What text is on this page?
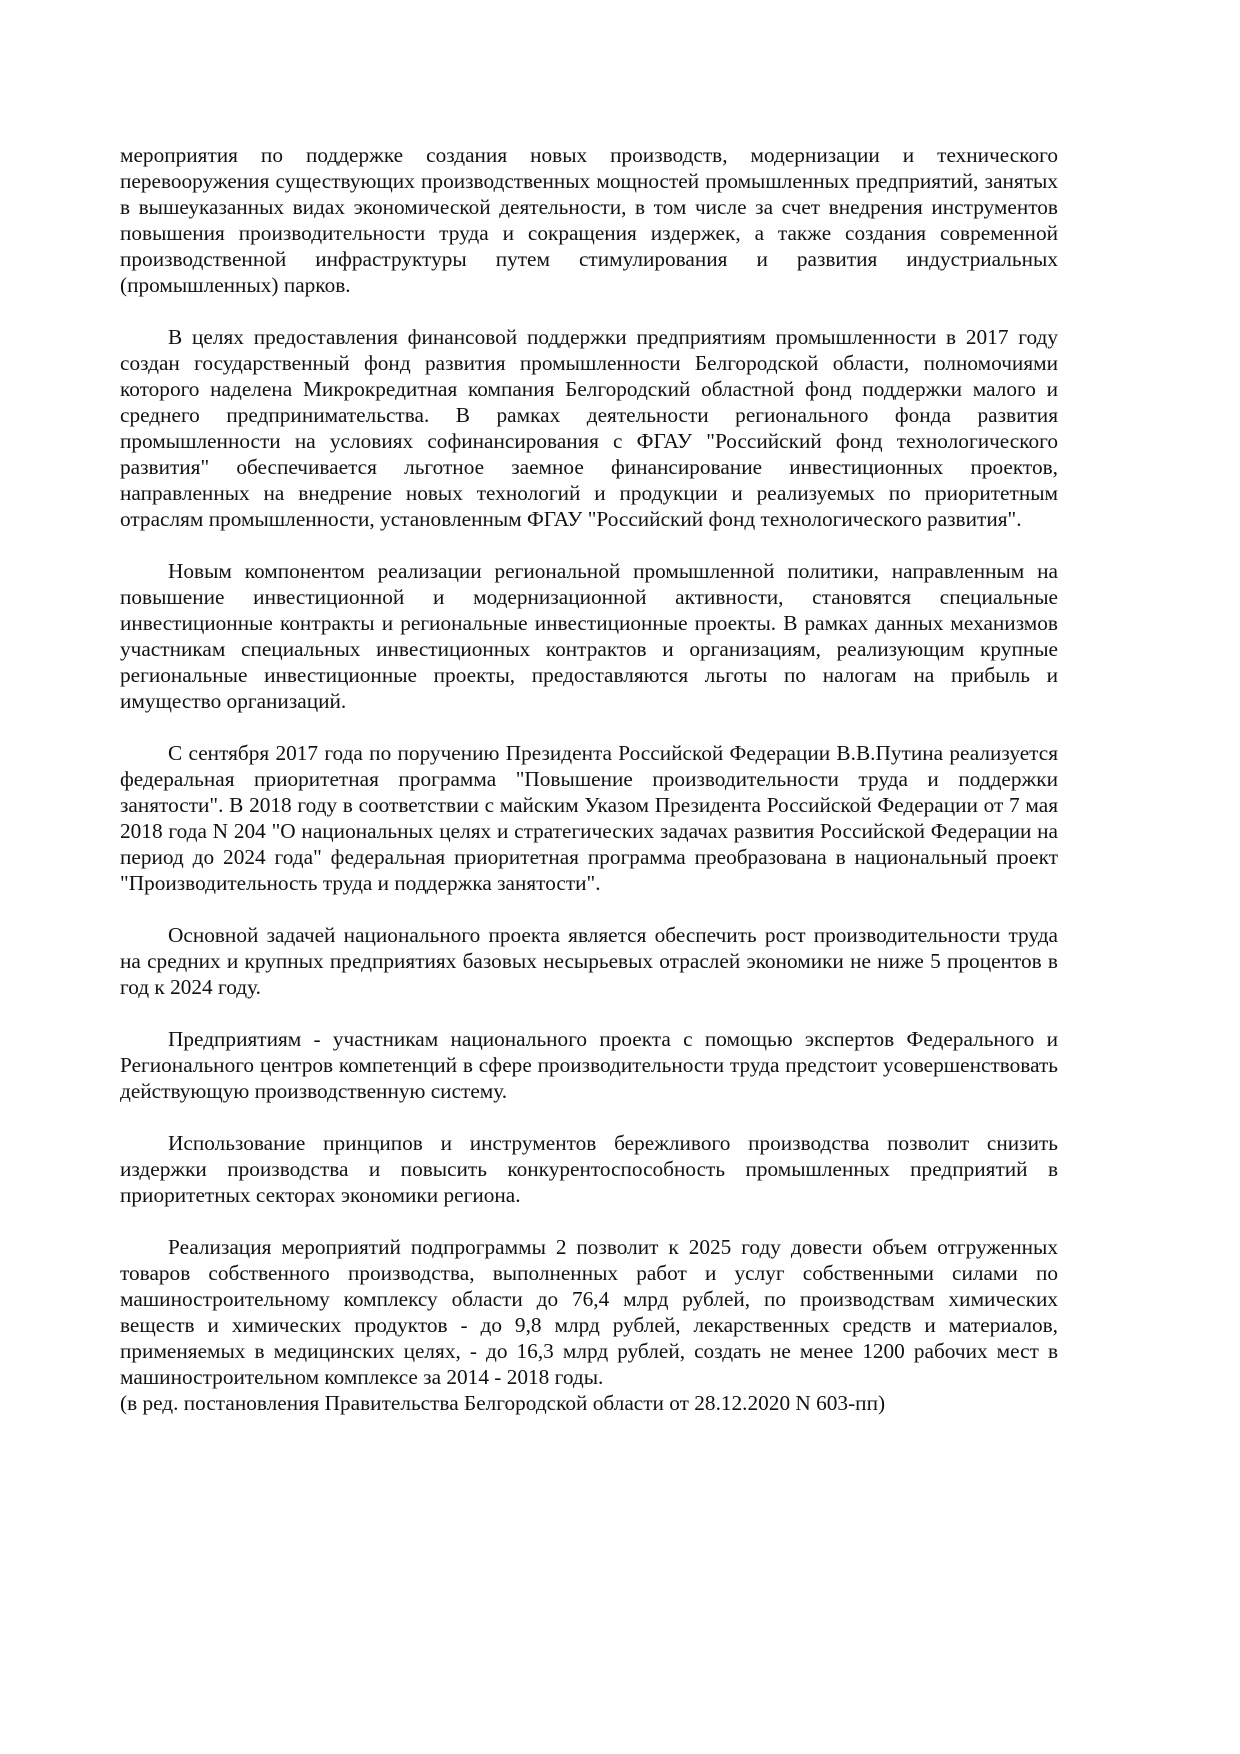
мероприятия по поддержке создания новых производств, модернизации и технического перевооружения существующих производственных мощностей промышленных предприятий, занятых в вышеуказанных видах экономической деятельности, в том числе за счет внедрения инструментов повышения производительности труда и сокращения издержек, а также создания современной производственной инфраструктуры путем стимулирования и развития индустриальных (промышленных) парков.

В целях предоставления финансовой поддержки предприятиям промышленности в 2017 году создан государственный фонд развития промышленности Белгородской области, полномочиями которого наделена Микрокредитная компания Белгородский областной фонд поддержки малого и среднего предпринимательства. В рамках деятельности регионального фонда развития промышленности на условиях софинансирования с ФГАУ "Российский фонд технологического развития" обеспечивается льготное заемное финансирование инвестиционных проектов, направленных на внедрение новых технологий и продукции и реализуемых по приоритетным отраслям промышленности, установленным ФГАУ "Российский фонд технологического развития".

Новым компонентом реализации региональной промышленной политики, направленным на повышение инвестиционной и модернизационной активности, становятся специальные инвестиционные контракты и региональные инвестиционные проекты. В рамках данных механизмов участникам специальных инвестиционных контрактов и организациям, реализующим крупные региональные инвестиционные проекты, предоставляются льготы по налогам на прибыль и имущество организаций.

С сентября 2017 года по поручению Президента Российской Федерации В.В.Путина реализуется федеральная приоритетная программа "Повышение производительности труда и поддержки занятости". В 2018 году в соответствии с майским Указом Президента Российской Федерации от 7 мая 2018 года N 204 "О национальных целях и стратегических задачах развития Российской Федерации на период до 2024 года" федеральная приоритетная программа преобразована в национальный проект "Производительность труда и поддержка занятости".

Основной задачей национального проекта является обеспечить рост производительности труда на средних и крупных предприятиях базовых несырьевых отраслей экономики не ниже 5 процентов в год к 2024 году.

Предприятиям - участникам национального проекта с помощью экспертов Федерального и Регионального центров компетенций в сфере производительности труда предстоит усовершенствовать действующую производственную систему.

Использование принципов и инструментов бережливого производства позволит снизить издержки производства и повысить конкурентоспособность промышленных предприятий в приоритетных секторах экономики региона.

Реализация мероприятий подпрограммы 2 позволит к 2025 году довести объем отгруженных товаров собственного производства, выполненных работ и услуг собственными силами по машиностроительному комплексу области до 76,4 млрд рублей, по производствам химических веществ и химических продуктов - до 9,8 млрд рублей, лекарственных средств и материалов, применяемых в медицинских целях, - до 16,3 млрд рублей, создать не менее 1200 рабочих мест в машиностроительном комплексе за 2014 - 2018 годы.

(в ред. постановления Правительства Белгородской области от 28.12.2020 N 603-пп)
